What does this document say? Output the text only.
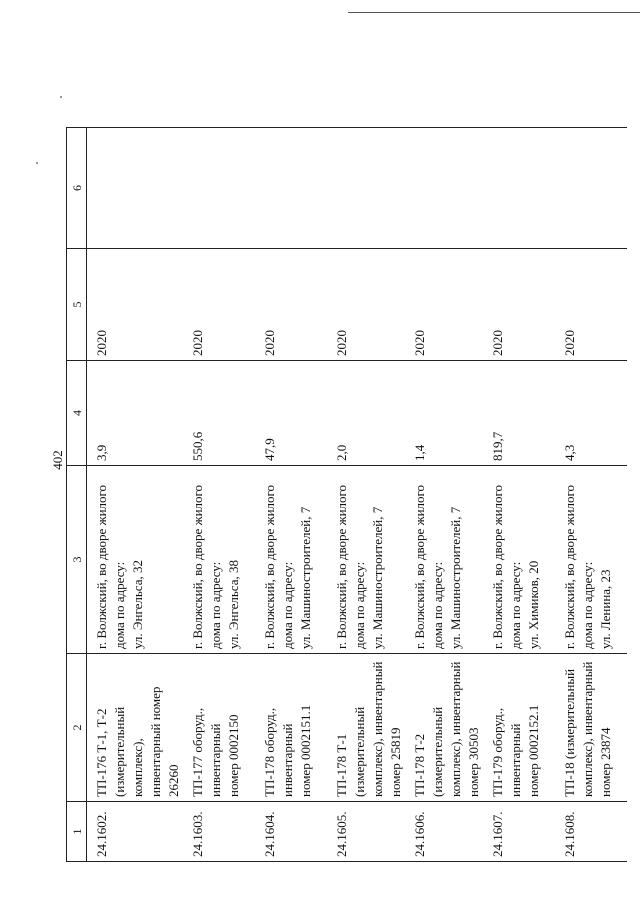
402
1	2	3	4	5	6
24.1602.	ТП-176 Т-1, Т-2
(измерительный комплекс),
инвентарный номер 26260	г. Волжский, во дворе жилого
дома по адресу:
ул. Энгельса, 32	3,9	2020	
24.1603.	ТП-177 оборуд., инвентарный
номер 0002150	г. Волжский, во дворе жилого
дома по адресу:
ул. Энгельса, 38	550,6	2020	
24.1604.	ТП-178 оборуд., инвентарный
номер 0002151.1	г. Волжский, во дворе жилого
дома по адресу:
ул. Машиностроителей, 7	47,9	2020	
24.1605.	ТП-178 Т-1 (измерительный
комплекс), инвентарный
номер 25819	г. Волжский, во дворе жилого
дома по адресу:
ул. Машиностроителей, 7	2,0	2020	
24.1606.	ТП-178 Т-2 (измерительный
комплекс), инвентарный
номер 30503	г. Волжский, во дворе жилого
дома по адресу:
ул. Машиностроителей, 7	1,4	2020	
24.1607.	ТП-179 оборуд., инвентарный
номер 0002152.1	г. Волжский, во дворе жилого
дома по адресу:
ул. Химиков, 20	819,7	2020	
24.1608.	ТП-18 (измерительный
комплекс), инвентарный
номер 23874	г. Волжский, во дворе жилого
дома по адресу:
ул. Ленина, 23	4,3	2020	
